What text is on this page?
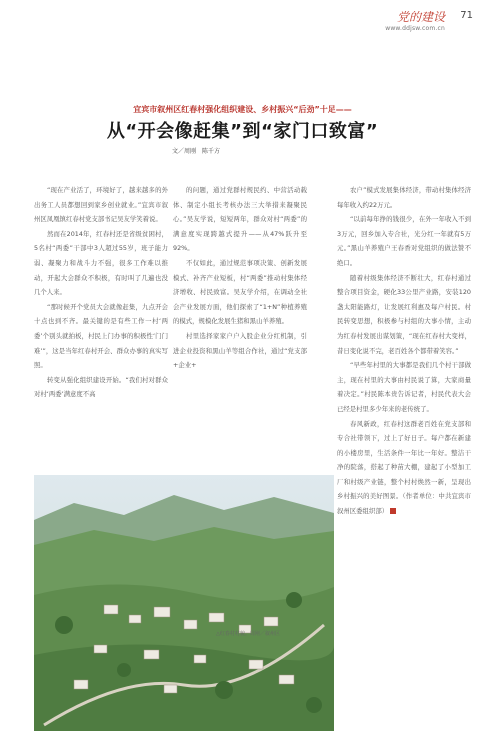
党的建设
www.ddjsw.com.cn
71
宜宾市叙州区红春村强化组织建设、乡村振兴“后劲”十足——
从“开会像赶集”到“家门口致富”
文／周刚　陈千方

“现在产业活了，环境好了，越来越多的外出务工人员都想回到家乡创业就业。”宜宾市叙州区凤凰镇红春村党支部书记吴友学笑着说。

然而在2014年，红春村还是省级贫困村，5名村“两委”干部中3人超过55岁，班子能力弱、凝聚力和战斗力不强，很多工作难以推动，开起大会群众不积极，有时叫了几遍也没几个人来。

“那时候开个党员大会就像赶集，九点开会十点也到不齐。最关键的是有些工作一村‘两委’个别头就拍板，村民上门办事的积极性‘门门难’”，这是当年红春村开会、群众办事的真实写照。

转变从强化组织建设开始。“我们村对群众对村‘两委’满意度不高

的问题，通过党群村规民约、中营活动载体、制定小组长考核办法三大举措来凝聚民心。”吴友学说，短短两年，群众对村“两委”的满意度实现跨越式提升——从47%跃升至92%。

不仅如此，通过规范事项决策、创新发展模式、补齐产业短板，村“两委”推动村集体经济增收、村民致富。吴友学介绍，在调动全社会产业发展方面，他们探索了“1+N”种植养殖的模式，规模化发展生猪和黑山羊养殖。

村里选择家家户户入股企业分红机制，引进企业投资和黑山羊等组合作社，通过“党支部+企业+

农户”模式发展集体经济，带动村集体经济每年收入约22万元。

“以前每年挣的钱很少，在外一年收入不到3万元，回乡加入专合社，光分红一年就有5万元。”黑山羊养殖户王春香对党组织的做法赞不绝口。

随着村级集体经济不断壮大，红春村通过整合项目资金，硬化33公里产业路，安装120盏太阳能路灯，让发展红利惠及每户村民。村民转变思想，积极参与村组的大事小情，主动为红春村发展出谋划策，“现在红春村大变样，昔日变化说不完，老百姓各个都带着笑容。”

“早些年村里的大事都是我们几个村干部做主，现在村里的大事由村民说了算，大家商量着决定。”村民陈本贵告诉记者，村民代表大会已经是村里多少年来的老传统了。

春风新政，红春村这群老百姓在党支部和专合社带领下，过上了好日子。每户都在新建的小楼房里，生活条件一年比一年好。整洁干净的院落，搭起了种苗大棚，建起了小型加工厂和村级产业链，整个村村焕然一新，呈现出乡村振兴的美好图景。（作者单位：中共宜宾市叙州区委组织部）

△红春村村貌。周刚／叙州区
